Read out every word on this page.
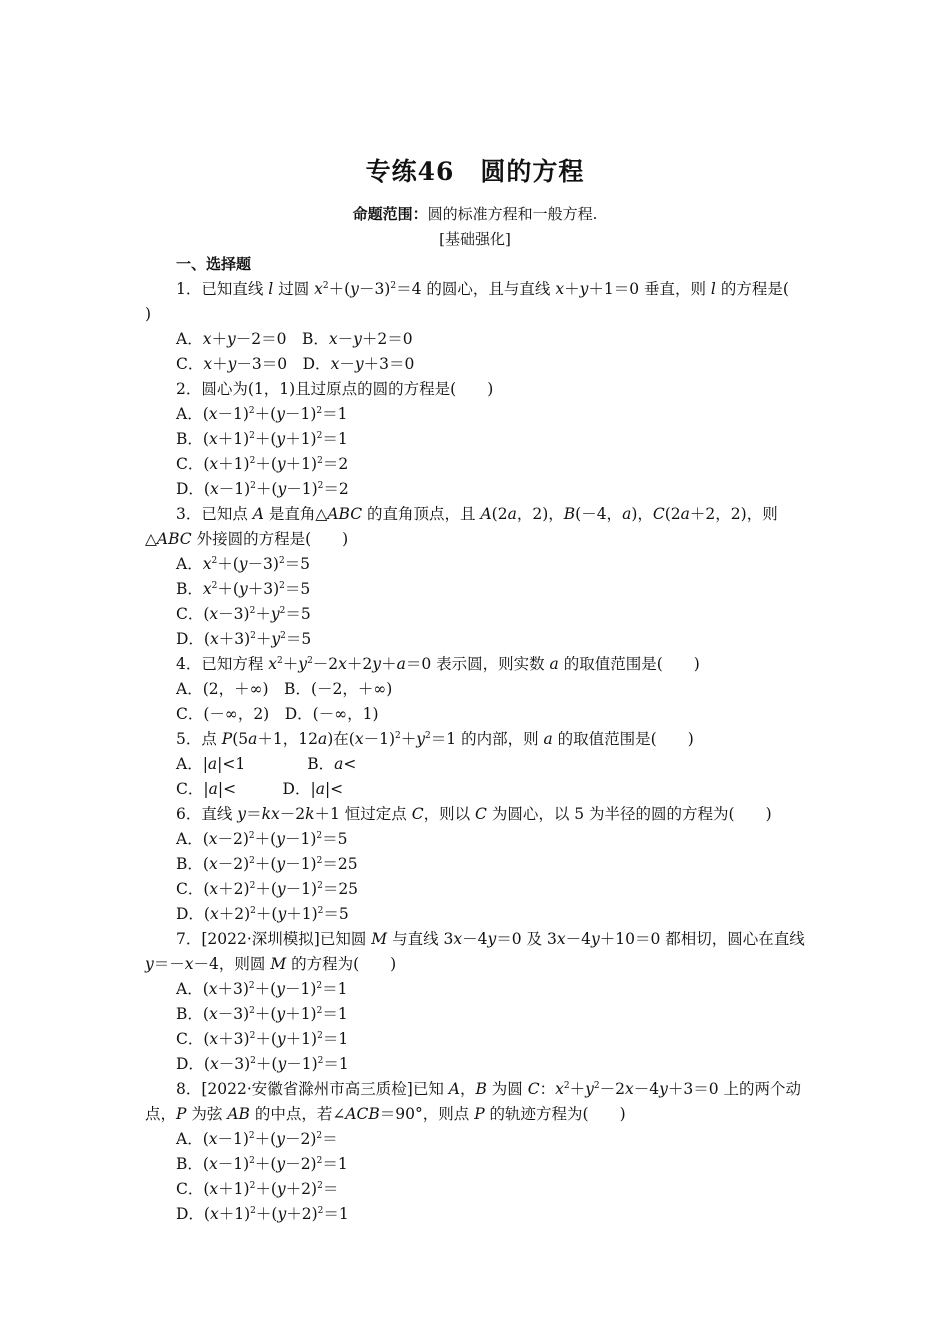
专练46　圆的方程
命题范围：圆的标准方程和一般方程.
[基础强化]
一、选择题
1．已知直线 l 过圆 $x^2+(y-3)^2=4$ 的圆心，且与直线 x＋y＋1＝0 垂直，则 l 的方程是(
)
A．x＋y－2＝0　B．x－y＋2＝0
C．x＋y－3＝0　D．x－y＋3＝0
2．圆心为(1，1)且过原点的圆的方程是(　　)
A．$(x-1)^2+(y-1)^2=1$
B．$(x+1)^2+(y+1)^2=1$
C．$(x+1)^2+(y+1)^2=2$
D．$(x-1)^2+(y-1)^2=2$
3．已知点 A 是直角△ABC 的直角顶点，且 A(2a，2)，B(－4，a)，C(2a＋2，2)，则
△ABC 外接圆的方程是(　　)
A．$x^2+(y-3)^2=5$
B．$x^2+(y+3)^2=5$
C．$(x-3)^2+y^2=5$
D．$(x+3)^2+y^2=5$
4．已知方程 $x^2+y^2-2x+2y+a=0$ 表示圆，则实数 a 的取值范围是(　　)
A．(2，＋∞)　B．(－2，＋∞)
C．(－∞，2)　D．(－∞，1)
5．点 P(5a＋1，12a)在$(x-1)^2+y^2=1$ 的内部，则 a 的取值范围是(　　)
A．|a|<1　　　　B．a<
C．|a|<　　　D．|a|<
6．直线 y＝kx－2k＋1 恒过定点 C，则以 C 为圆心，以 5 为半径的圆的方程为(　　)
A．$(x-2)^2+(y-1)^2=5$
B．$(x-2)^2+(y-1)^2=25$
C．$(x+2)^2+(y-1)^2=25$
D．$(x+2)^2+(y+1)^2=5$
7．[2022·深圳模拟]已知圆 M 与直线 3x－4y＝0 及 3x－4y＋10＝0 都相切，圆心在直线
y＝－x－4，则圆 M 的方程为(　　)
A．$(x+3)^2+(y-1)^2=1$
B．$(x-3)^2+(y+1)^2=1$
C．$(x+3)^2+(y+1)^2=1$
D．$(x-3)^2+(y-1)^2=1$
8．[2022·安徽省滁州市高三质检]已知 A，B 为圆 C：$x^2+y^2-2x-4y+3=0$ 上的两个动
点，P 为弦 AB 的中点，若∠ACB＝90°，则点 P 的轨迹方程为(　　)
A．$(x-1)^2+(y-2)^2=$
B．$(x-1)^2+(y-2)^2=1$
C．$(x+1)^2+(y+2)^2=$
D．$(x+1)^2+(y+2)^2=1$
